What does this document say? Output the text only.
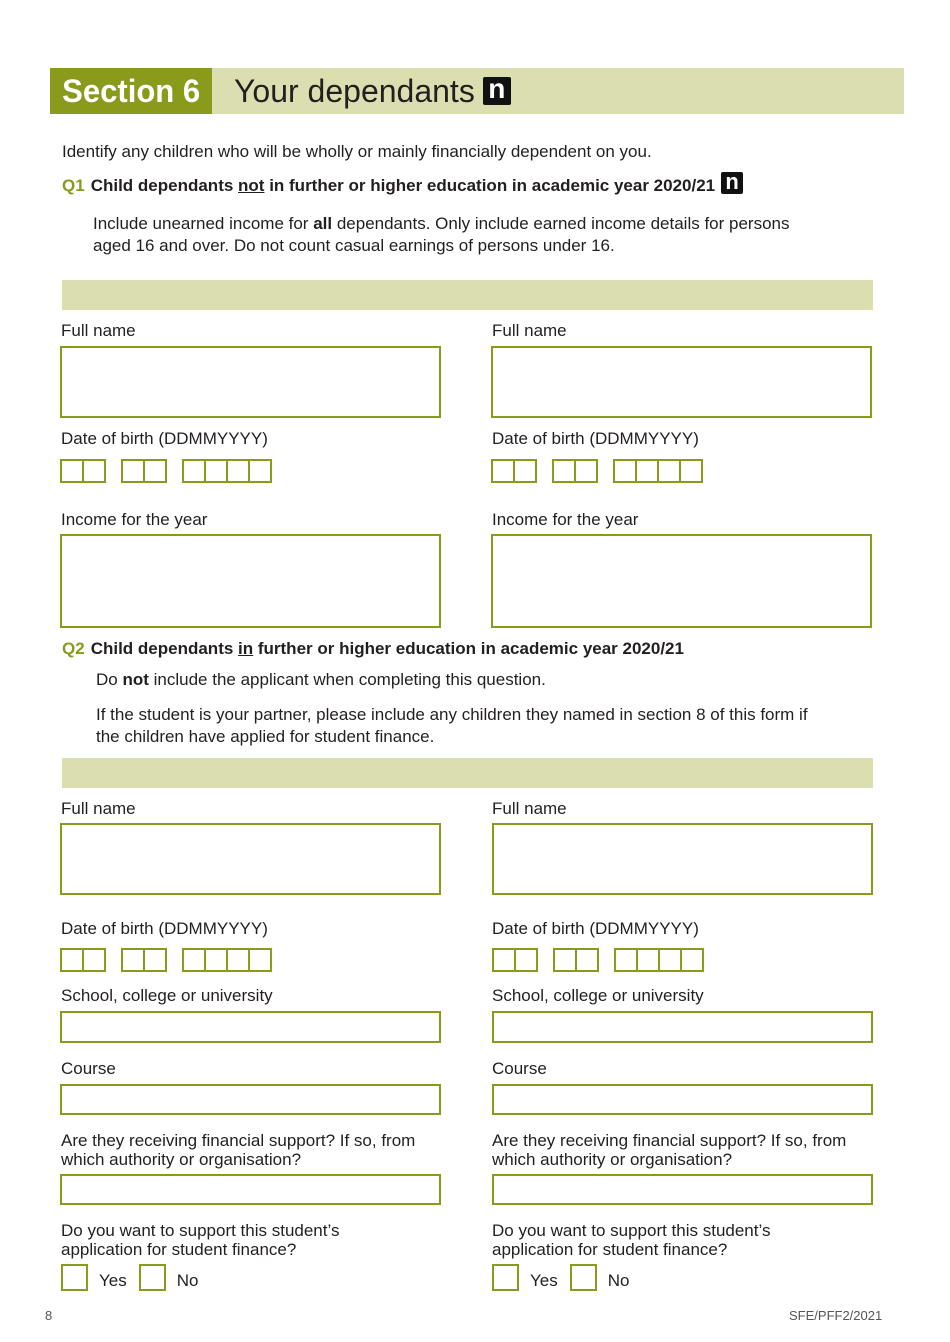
Section 6	Your dependants n
Identify any children who will be wholly or mainly financially dependent on you.
Q1 Child dependants not in further or higher education in academic year 2020/21 n
Include unearned income for all dependants. Only include earned income details for persons
aged 16 and over. Do not count casual earnings of persons under 16.
Full name
Date of birth (DDMMYYYY)
Income for the year
Full name
Date of birth (DDMMYYYY)
Income for the year
Q2 Child dependants in further or higher education in academic year 2020/21
Do not include the applicant when completing this question.
If the student is your partner, please include any children they named in section 8 of this form if
the children have applied for student finance.
Full name
Date of birth (DDMMYYYY)
School, college or university
Course
Are they receiving financial support? If so, from
which authority or organisation?
Do you want to support this student’s
application for student finance?
Yes	No
Full name
Date of birth (DDMMYYYY)
School, college or university
Course
Are they receiving financial support? If so, from
which authority or organisation?
Do you want to support this student’s
application for student finance?
Yes	No
8	SFE/PFF2/2021
